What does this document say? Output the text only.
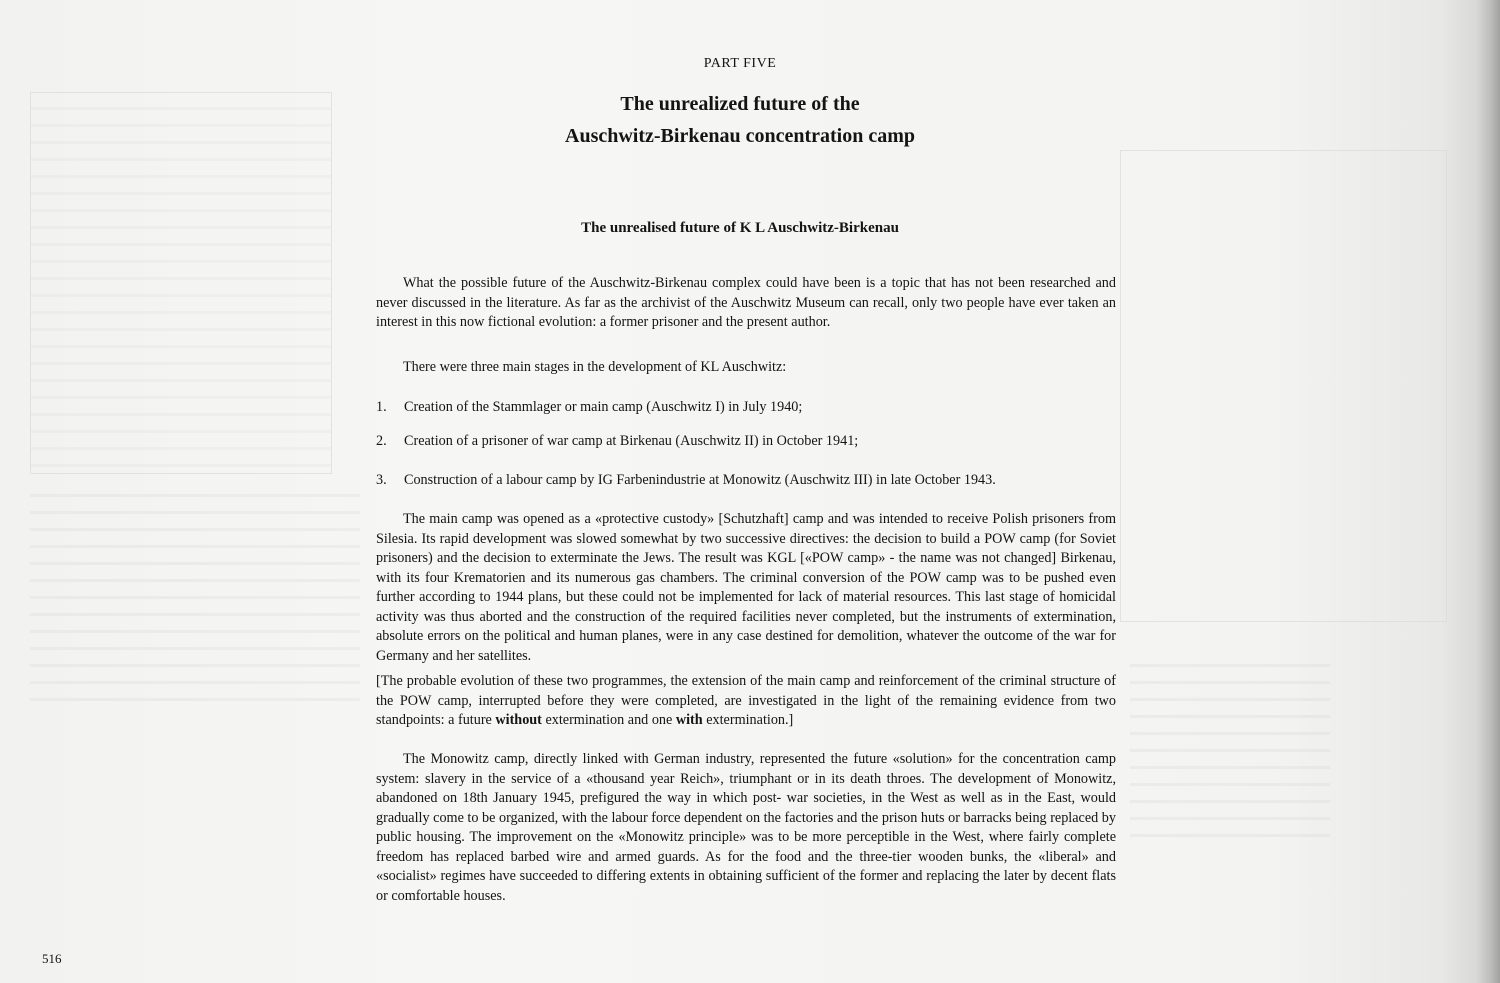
PART FIVE
The unrealized future of the
Auschwitz-Birkenau concentration camp
The unrealised future of K L Auschwitz-Birkenau

What the possible future of the Auschwitz-Birkenau complex could have been is a topic that has not been researched and never discussed in the literature. As far as the archivist of the Auschwitz Museum can recall, only two people have ever taken an interest in this now fictional evolution: a former prisoner and the present author.

There were three main stages in the development of KL Auschwitz:

1. Creation of the Stammlager or main camp (Auschwitz I) in July 1940;
2. Creation of a prisoner of war camp at Birkenau (Auschwitz II) in October 1941;
3. Construction of a labour camp by IG Farbenindustrie at Monowitz (Auschwitz III) in late October 1943.

The main camp was opened as a «protective custody» [Schutzhaft] camp and was intended to receive Polish prisoners from Silesia. Its rapid development was slowed somewhat by two successive directives: the decision to build a POW camp (for Soviet prisoners) and the decision to exterminate the Jews. The result was KGL [«POW camp» - the name was not changed] Birkenau, with its four Krematorien and its numerous gas chambers. The criminal conversion of the POW camp was to be pushed even further according to 1944 plans, but these could not be implemented for lack of material resources. This last stage of homicidal activity was thus aborted and the construction of the required facilities never completed, but the instruments of extermination, absolute errors on the political and human planes, were in any case destined for demolition, whatever the outcome of the war for Germany and her satellites.

[The probable evolution of these two programmes, the extension of the main camp and reinforcement of the criminal structure of the POW camp, interrupted before they were completed, are investigated in the light of the remaining evidence from two standpoints: a future without extermination and one with extermination.]

The Monowitz camp, directly linked with German industry, represented the future «solution» for the concentration camp system: slavery in the service of a «thousand year Reich», triumphant or in its death throes. The development of Monowitz, abandoned on 18th January 1945, prefigured the way in which post- war societies, in the West as well as in the East, would gradually come to be organized, with the labour force dependent on the factories and the prison huts or barracks being replaced by public housing. The improvement on the «Monowitz principle» was to be more perceptible in the West, where fairly complete freedom has replaced barbed wire and armed guards. As for the food and the three-tier wooden bunks, the «liberal» and «socialist» regimes have succeeded to differing extents in obtaining sufficient of the former and replacing the later by decent flats or comfortable houses.

516
